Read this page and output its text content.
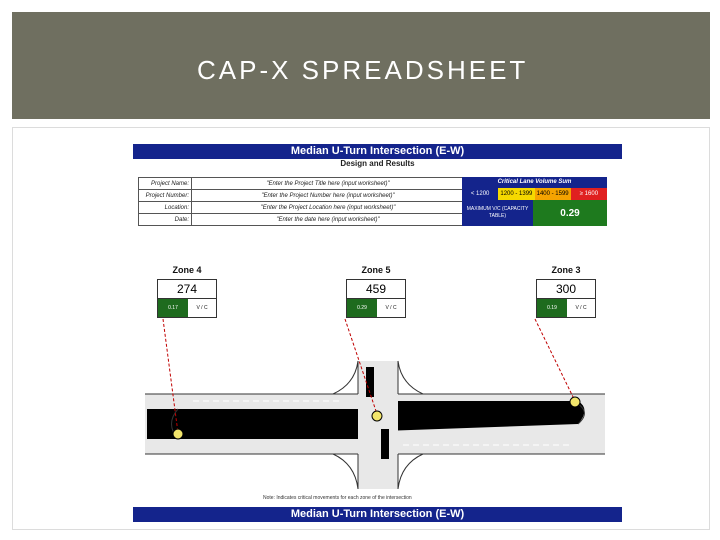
CAP-X SPREADSHEET
Median U-Turn Intersection (E-W)
Design and Results
Project Name:	"Enter the Project Title here (input worksheet)"
Project Number:	"Enter the Project Number here (input worksheet)"
Location:	"Enter the Project Location here (input worksheet)"
Date:	"Enter the date here (input worksheet)"
Critical Lane Volume Sum
< 1200	1200 - 1399 1400 - 1599	≥ 1600
MAXIMUM V/C (CAPACITY TABLE)	0.29
Zone 4
274
0.17	V / C
Zone 5
459
0.29	V / C
Zone 3
300
0.19	V / C
Note: Indicates critical movements for each zone of the intersection
Median U-Turn Intersection (E-W)
